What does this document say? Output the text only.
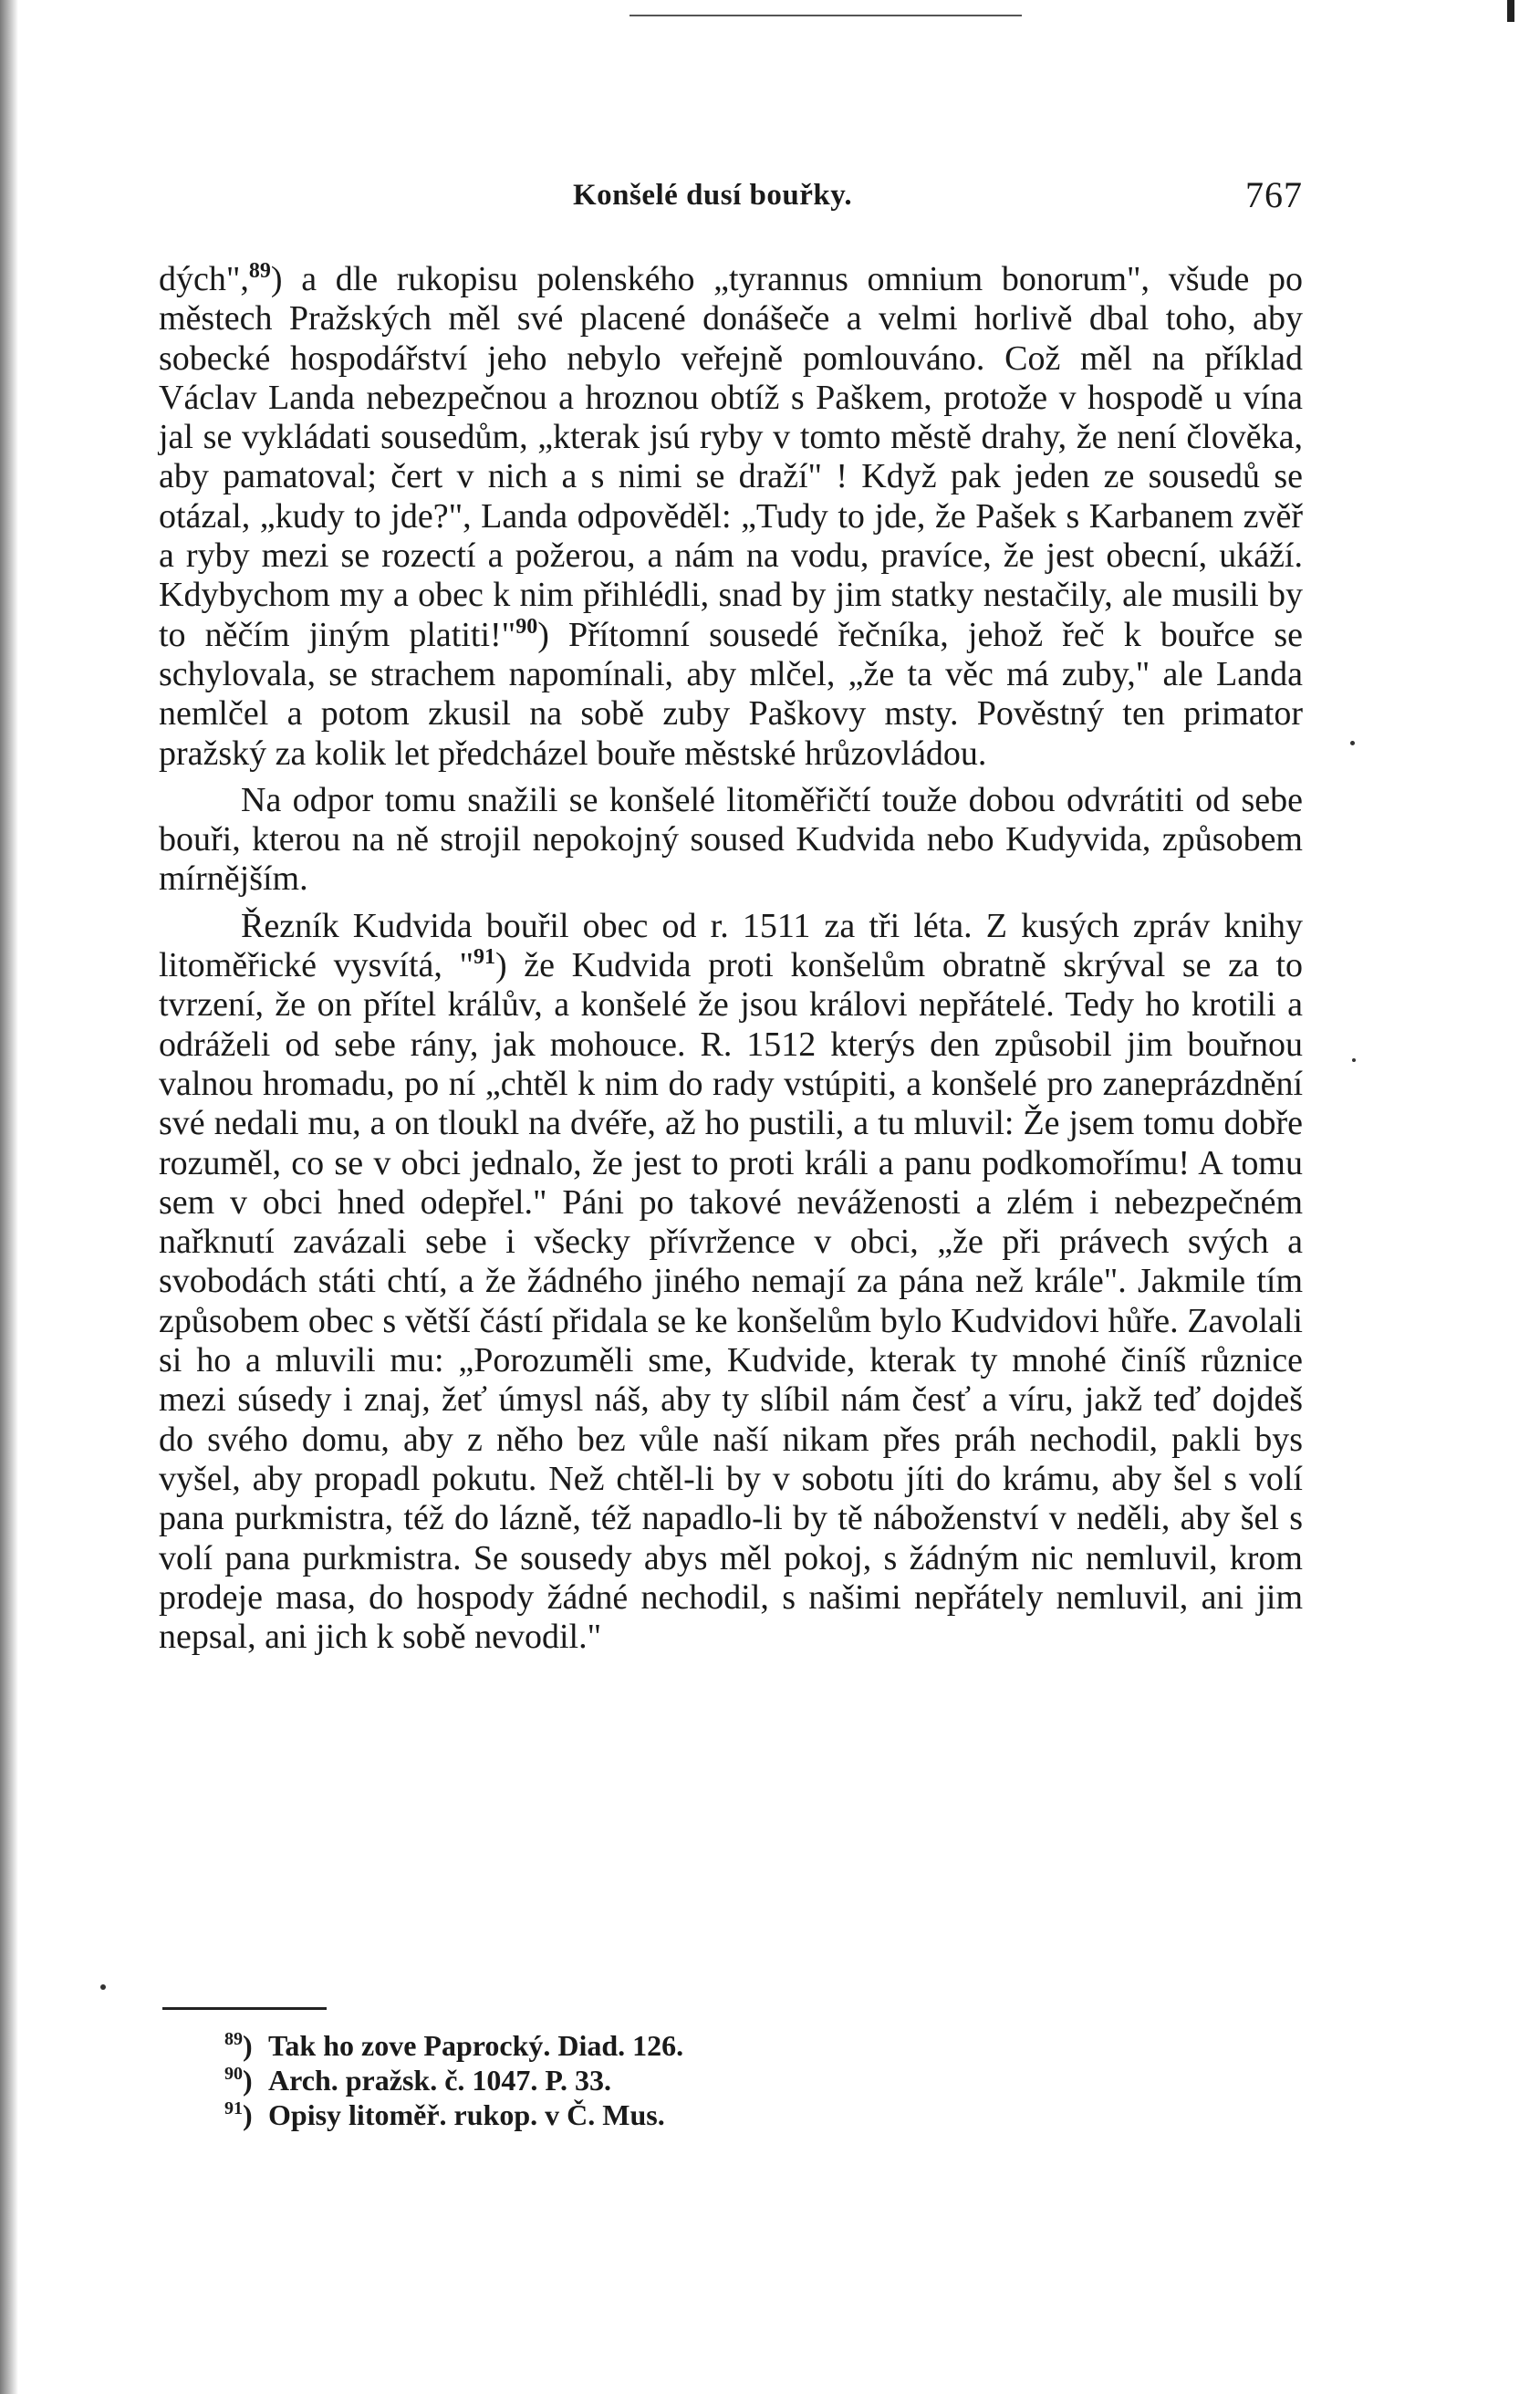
Konšelé dusí bouřky.	767

dých",$^{89}$) a dle rukopisu polenského „tyrannus omnium bonorum", všude po městech Pražských měl své placené donášeče a velmi horlivě dbal toho, aby sobecké hospodářství jeho nebylo veřejně pomlouváno. Což měl na příklad Václav Landa nebezpečnou a hroznou obtíž s Paškem, protože v hospodě u vína jal se vykládati sousedům, „kterak jsú ryby v tomto městě drahy, že není člověka, aby pamatoval; čert v nich a s nimi se draží" ! Když pak jeden ze sousedů se otázal, „kudy to jde?", Landa odpověděl: „Tudy to jde, že Pašek s Karbanem zvěř a ryby mezi se rozectí a požerou, a nám na vodu, pravíce, že jest obecní, ukáží. Kdybychom my a obec k nim přihlédli, snad by jim statky nestačily, ale musili by to něčím jiným platiti!"$^{90}$) Přítomní sousedé řečníka, jehož řeč k bouřce se schylovala, se strachem napomínali, aby mlčel, „že ta věc má zuby," ale Landa nemlčel a potom zkusil na sobě zuby Paškovy msty. Pověstný ten primator pražský za kolik let předcházel bouře městské hrůzovládou.

Na odpor tomu snažili se konšelé litoměřičtí touže dobou odvrátiti od sebe bouři, kterou na ně strojil nepokojný soused Kudvida nebo Kudyvida, způsobem mírnějším.

Řezník Kudvida bouřil obec od r. 1511 za tři léta. Z kusých zpráv knihy litoměřické vysvítá, "$^{91}$) že Kudvida proti konšelům obratně skrýval se za to tvrzení, že on přítel králův, a konšelé že jsou královi nepřátelé. Tedy ho krotili a odráželi od sebe rány, jak mohouce. R. 1512 kterýs den způsobil jim bouřnou valnou hromadu, po ní „chtěl k nim do rady vstúpiti, a konšelé pro zaneprázdnění své nedali mu, a on tloukl na dvéře, až ho pustili, a tu mluvil: Že jsem tomu dobře rozuměl, co se v obci jednalo, že jest to proti králi a panu podkomořímu! A tomu sem v obci hned odepřel." Páni po takové neváženosti a zlém i nebezpečném nařknutí zavázali sebe i všecky přívržence v obci, „že při právech svých a svobodách státi chtí, a že žádného jiného nemají za pána než krále". Jakmile tím způsobem obec s větší částí přidala se ke konšelům bylo Kudvidovi hůře. Zavolali si ho a mluvili mu: „Porozuměli sme, Kudvide, kterak ty mnohé činíš různice mezi súsedy i znaj, žeť úmysl náš, aby ty slíbil nám česť a víru, jakž teď dojdeš do svého domu, aby z něho bez vůle naší nikam přes práh nechodil, pakli bys vyšel, aby propadl pokutu. Než chtěl-li by v sobotu jíti do krámu, aby šel s volí pana purkmistra, též do lázně, též napadlo-li by tě náboženství v neděli, aby šel s volí pana purkmistra. Se sousedy abys měl pokoj, s žádným nic nemluvil, krom prodeje masa, do hospody žádné nechodil, s našimi nepřátely nemluvil, ani jim nepsal, ani jich k sobě nevodil."

$^{89}$) Tak ho zove Paprocký. Diad. 126.
$^{90}$) Arch. pražsk. č. 1047. P. 33.
$^{91}$) Opisy litoměř. rukop. v Č. Mus.
